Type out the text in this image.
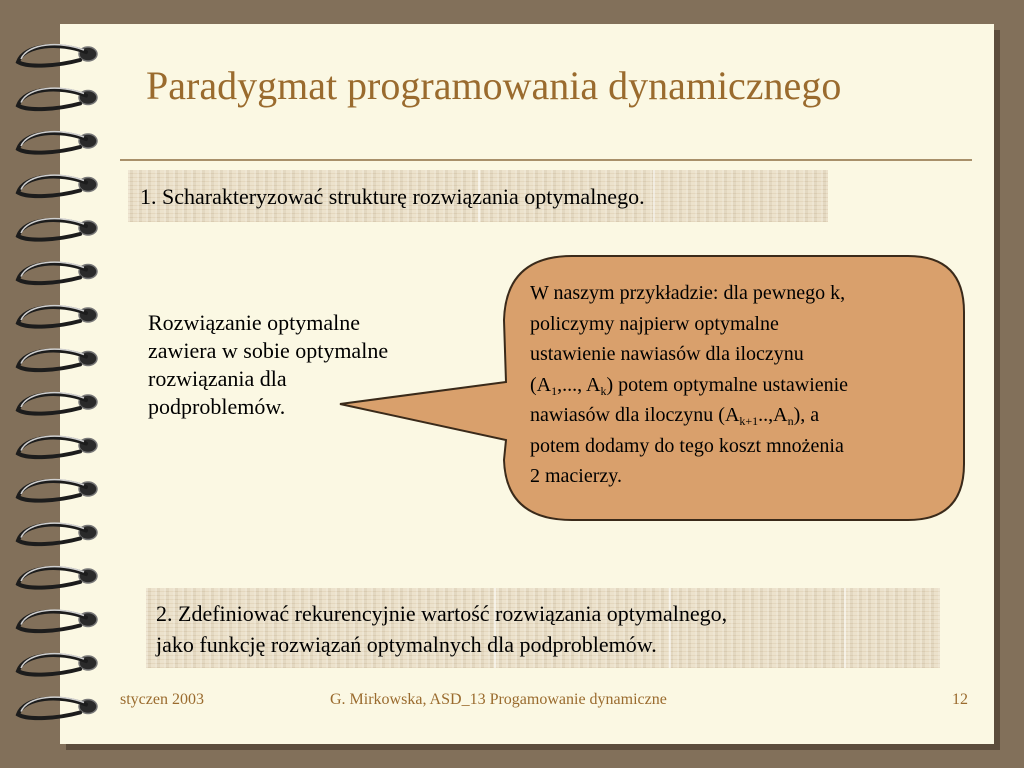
Paradygmat programowania dynamicznego
1. Scharakteryzować strukturę rozwiązania optymalnego.

Rozwiązanie optymalne
zawiera w sobie optymalne
rozwiązania dla
podproblemów.

W naszym przykładzie: dla pewnego k,
policzymy najpierw optymalne
ustawienie nawiasów dla iloczynu
($A_1$,..., $A_k$) potem optymalne ustawienie
nawiasów dla iloczynu $(A_{k+1}..,A_n)$, a
potem dodamy do tego koszt mnożenia
2 macierzy.

2. Zdefiniować rekurencyjnie wartość rozwiązania optymalnego,
jako funkcję rozwiązań optymalnych dla podproblemów.
styczen 2003	G. Mirkowska, ASD_13 Progamowanie dynamiczne	12
